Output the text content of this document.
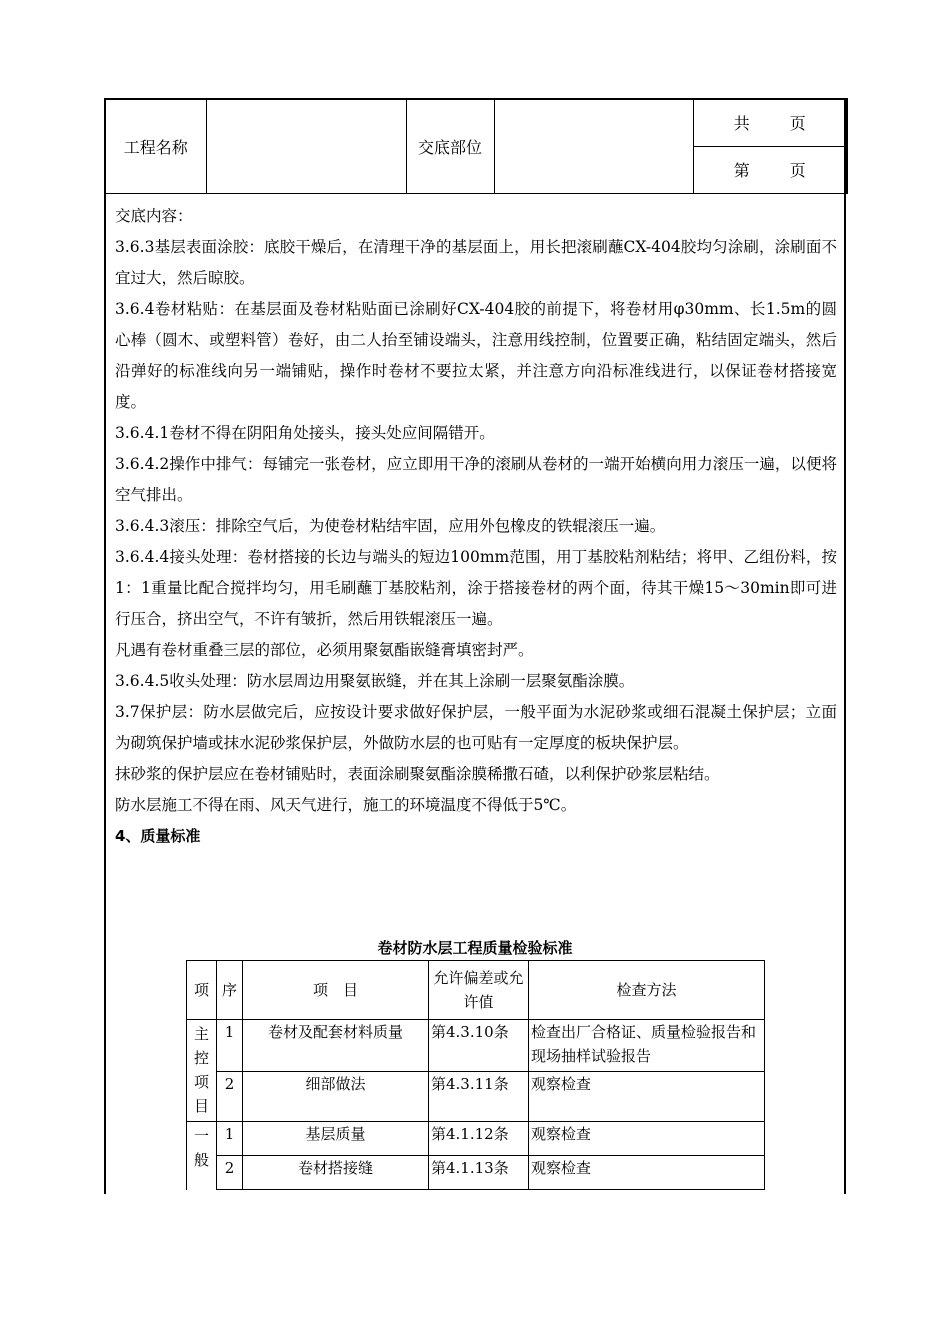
工程名称		交底部位		共	页
第	页

交底内容：

3.6.3基层表面涂胶：底胶干燥后，在清理干净的基层面上，用长把滚刷蘸CX-404胶均匀涂刷，涂刷面不宜过大，然后晾胶。

3.6.4卷材粘贴：在基层面及卷材粘贴面已涂刷好CX-404胶的前提下，将卷材用φ30mm、长1.5m的圆心棒（圆木、或塑料管）卷好，由二人抬至铺设端头，注意用线控制，位置要正确，粘结固定端头，然后沿弹好的标准线向另一端铺贴，操作时卷材不要拉太紧，并注意方向沿标准线进行，以保证卷材搭接宽度。

3.6.4.1卷材不得在阴阳角处接头，接头处应间隔错开。

3.6.4.2操作中排气：每铺完一张卷材，应立即用干净的滚刷从卷材的一端开始横向用力滚压一遍，以便将空气排出。

3.6.4.3滚压：排除空气后，为使卷材粘结牢固，应用外包橡皮的铁辊滚压一遍。

3.6.4.4接头处理：卷材搭接的长边与端头的短边100mm范围，用丁基胶粘剂粘结；将甲、乙组份料，按1：1重量比配合搅拌均匀，用毛刷蘸丁基胶粘剂，涂于搭接卷材的两个面，待其干燥15～30min即可进行压合，挤出空气，不许有皱折，然后用铁辊滚压一遍。

凡遇有卷材重叠三层的部位，必须用聚氨酯嵌缝膏填密封严。

3.6.4.5收头处理：防水层周边用聚氨嵌缝，并在其上涂刷一层聚氨酯涂膜。

3.7保护层：防水层做完后，应按设计要求做好保护层，一般平面为水泥砂浆或细石混凝土保护层；立面为砌筑保护墙或抹水泥砂浆保护层，外做防水层的也可贴有一定厚度的板块保护层。

抹砂浆的保护层应在卷材铺贴时，表面涂刷聚氨酯涂膜稀撒石碴，以利保护砂浆层粘结。

防水层施工不得在雨、风天气进行，施工的环境温度不得低于5℃。

4、质量标准

卷材防水层工程质量检验标准
项	序	项　目	允许偏差或允许值	检查方法

主
控
项
目	1	卷材及配套材料质量	第4.3.10条	检查出厂合格证、质量检验报告和现场抽样试验报告
	2	细部做法	第4.3.11条	观察检查

一
般	1	基层质量	第4.1.12条	观察检查
	2	卷材搭接缝	第4.1.13条	观察检查
